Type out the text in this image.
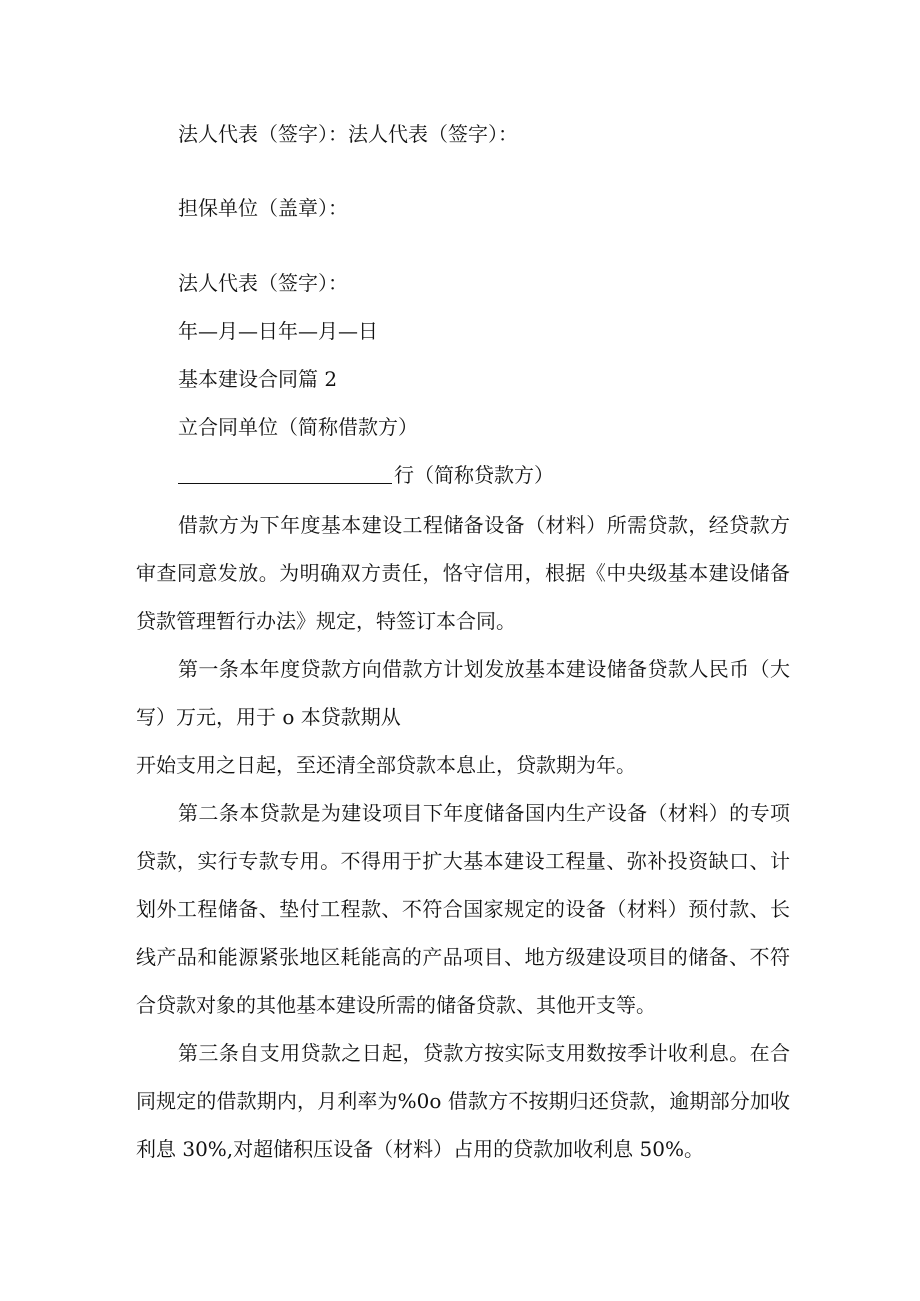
法人代表（签字）：法人代表（签字）：
担保单位（盖章）：
法人代表（签字）：
年—月—日年—月—日
基本建设合同篇 2
立合同单位（简称借款方）
行（简称贷款方）
借款方为下年度基本建设工程储备设备（材料）所需贷款，经贷款方审查同意发放。为明确双方责任，恪守信用，根据《中央级基本建设储备贷款管理暂行办法》规定，特签订本合同。
第一条本年度贷款方向借款方计划发放基本建设储备贷款人民币（大写）万元，用于 o 本贷款期从
开始支用之日起，至还清全部贷款本息止，贷款期为年。
第二条本贷款是为建设项目下年度储备国内生产设备（材料）的专项贷款，实行专款专用。不得用于扩大基本建设工程量、弥补投资缺口、计划外工程储备、垫付工程款、不符合国家规定的设备（材料）预付款、长线产品和能源紧张地区耗能高的产品项目、地方级建设项目的储备、不符合贷款对象的其他基本建设所需的储备贷款、其他开支等。
第三条自支用贷款之日起，贷款方按实际支用数按季计收利息。在合同规定的借款期内，月利率为%0o 借款方不按期归还贷款，逾期部分加收利息 30%,对超储积压设备（材料）占用的贷款加收利息 50%。
